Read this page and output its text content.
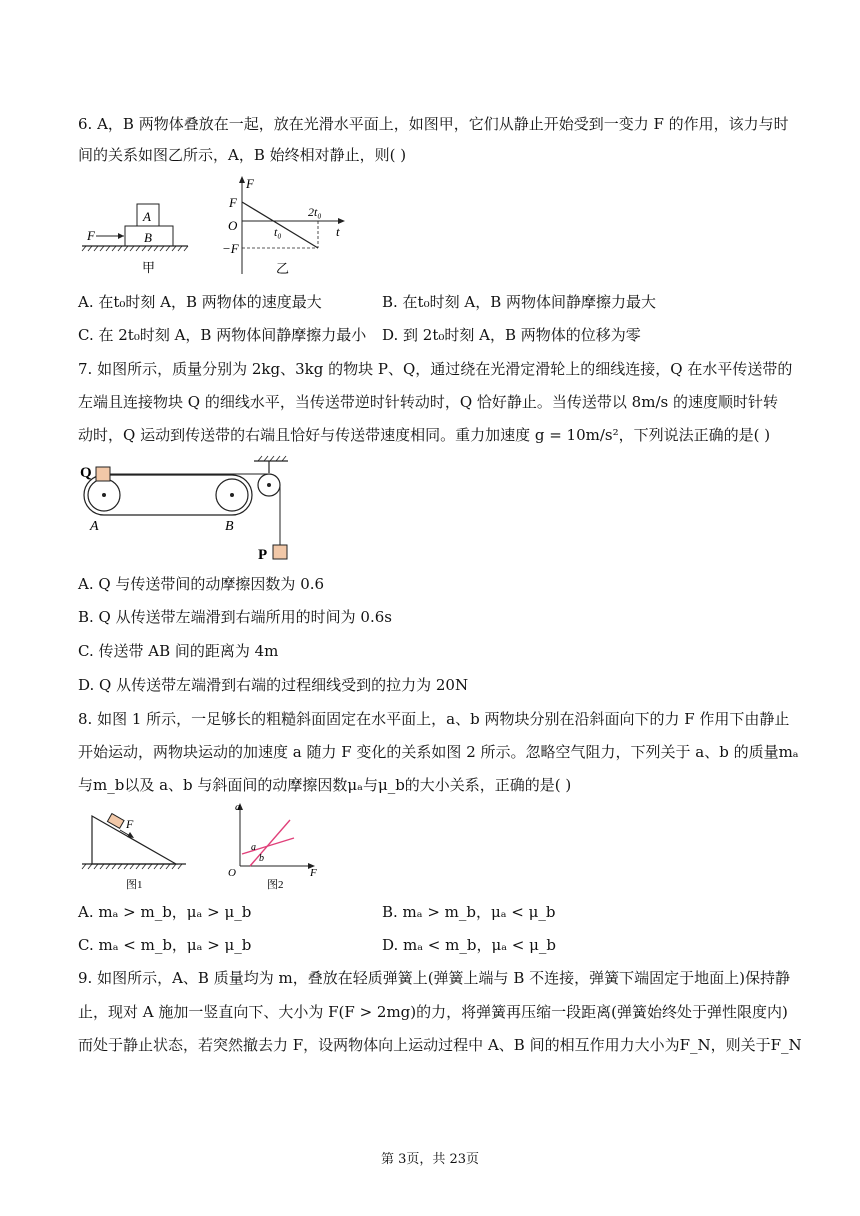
6. A，B 两物体叠放在一起，放在光滑水平面上，如图甲，它们从静止开始受到一变力 F 的作用，该力与时
间的关系如图乙所示，A，B 始终相对静止，则( )
F
A
B
甲
F
F
O
−F
t₀
2t₀
t
乙
A. 在t₀时刻 A，B 两物体的速度最大	B. 在t₀时刻 A，B 两物体间静摩擦力最大
C. 在 2t₀时刻 A，B 两物体间静摩擦力最小 D. 到 2t₀时刻 A，B 两物体的位移为零
7. 如图所示，质量分别为 2kg、3kg 的物块 P、Q，通过绕在光滑定滑轮上的细线连接，Q 在水平传送带的
左端且连接物块 Q 的细线水平，当传送带逆时针转动时，Q 恰好静止。当传送带以 8m/s 的速度顺时针转
动时，Q 运动到传送带的右端且恰好与传送带速度相同。重力加速度 g = 10m/s²，下列说法正确的是( )
Q
P
A	B
A. Q 与传送带间的动摩擦因数为 0.6
B. Q 从传送带左端滑到右端所用的时间为 0.6s
C. 传送带 AB 间的距离为 4m
D. Q 从传送带左端滑到右端的过程细线受到的拉力为 20N
8. 如图 1 所示，一足够长的粗糙斜面固定在水平面上，a、b 两物块分别在沿斜面向下的力 F 作用下由静止
开始运动，两物块运动的加速度 a 随力 F 变化的关系如图 2 所示。忽略空气阻力，下列关于 a、b 的质量mₐ
与m_b以及 a、b 与斜面间的动摩擦因数μₐ与μ_b的大小关系，正确的是( )
F
图1
a
O	F
a
b
图2
A. mₐ > m_b，μₐ > μ_b	B. mₐ > m_b，μₐ < μ_b
C. mₐ < m_b，μₐ > μ_b	D. mₐ < m_b，μₐ < μ_b
9. 如图所示，A、B 质量均为 m，叠放在轻质弹簧上(弹簧上端与 B 不连接，弹簧下端固定于地面上)保持静
止，现对 A 施加一竖直向下、大小为 F(F > 2mg)的力，将弹簧再压缩一段距离(弹簧始终处于弹性限度内)
而处于静止状态，若突然撤去力 F，设两物体向上运动过程中 A、B 间的相互作用力大小为F_N，则关于F_N
第 3页，共 23页
